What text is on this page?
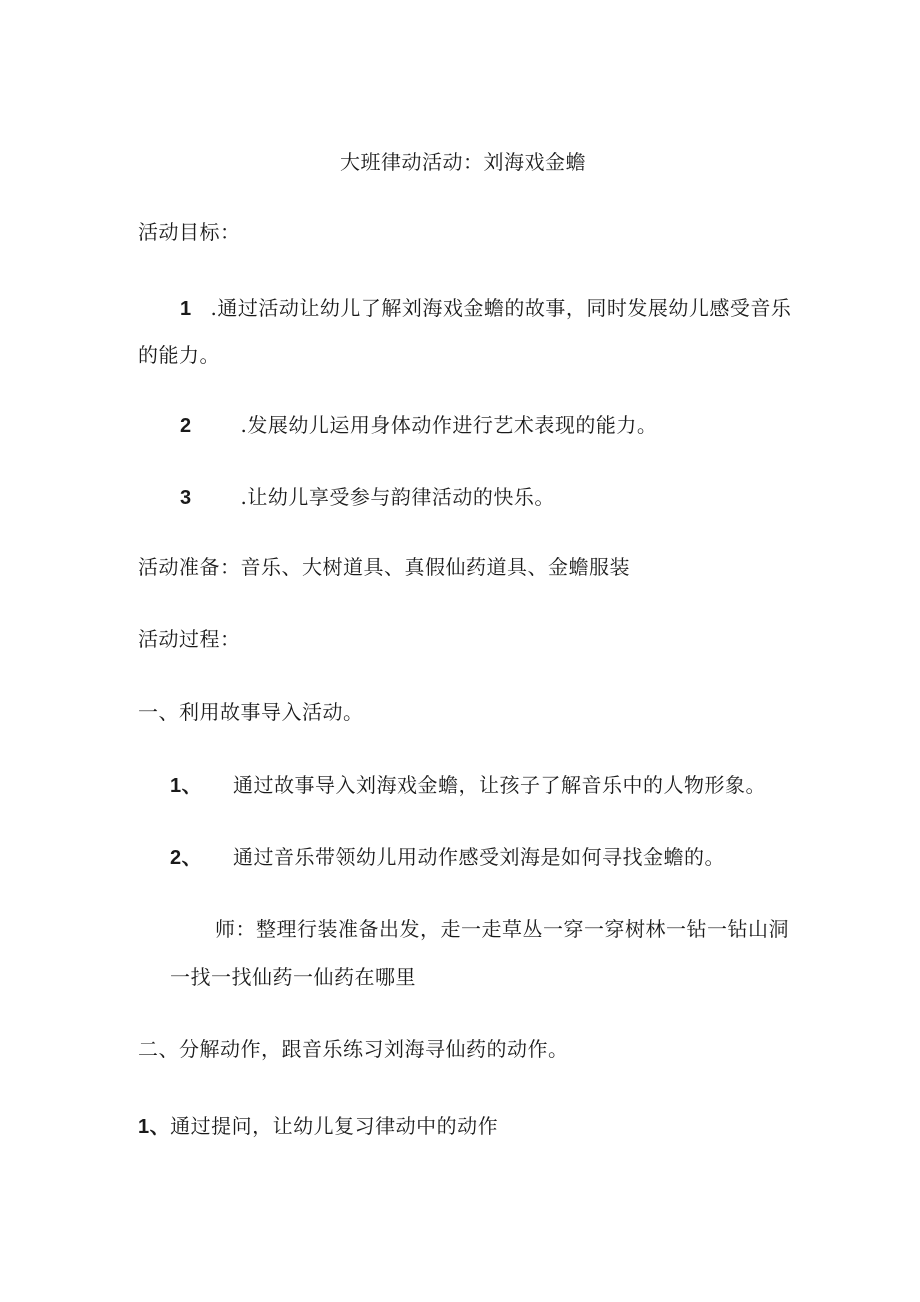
大班律动活动：刘海戏金蟾
活动目标：
1 .通过活动让幼儿了解刘海戏金蟾的故事，同时发展幼儿感受音乐
的能力。
2 .发展幼儿运用身体动作进行艺术表现的能力。
3 .让幼儿享受参与韵律活动的快乐。
活动准备：音乐、大树道具、真假仙药道具、金蟾服装
活动过程：
一、利用故事导入活动。
1、 通过故事导入刘海戏金蟾，让孩子了解音乐中的人物形象。
2、 通过音乐带领幼儿用动作感受刘海是如何寻找金蟾的。
师：整理行装准备出发，走一走草丛一穿一穿树林一钻一钻山洞
一找一找仙药一仙药在哪里
二、分解动作，跟音乐练习刘海寻仙药的动作。
1、通过提问，让幼儿复习律动中的动作
